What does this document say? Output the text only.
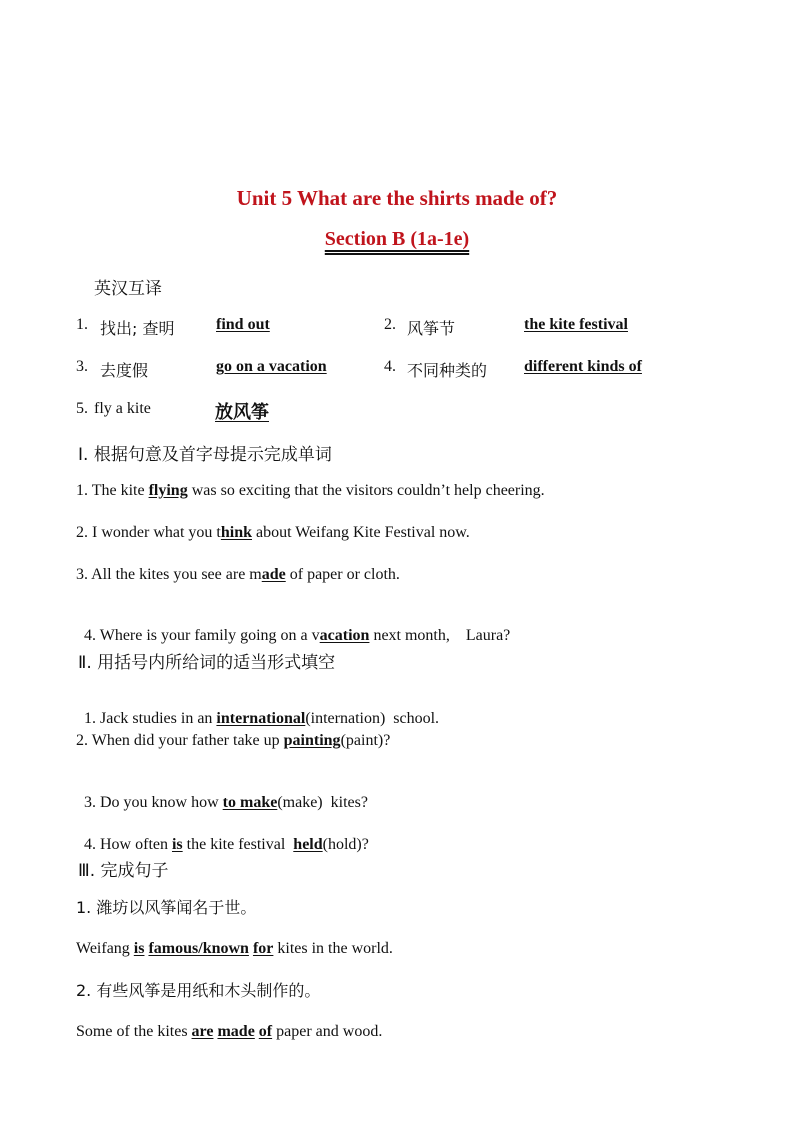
Unit 5 What are the shirts made of?
Section B (1a-1e)
英汉互译
1. 找出; 查明	find out	2. 风筝节	the kite festival
3. 去度假	go on a vacation	4. 不同种类的 different kinds of
5. fly a kite	放风筝
Ⅰ. 根据句意及首字母提示完成单词
1. The kite flying was so exciting that the visitors couldn’t help cheering.
2. I wonder what you think about Weifang Kite Festival now.
3. All the kites you see are made of paper or cloth.

4. Where is your family going on a vacation next month,    Laura?

Ⅱ. 用括号内所给词的适当形式填空

1. Jack studies in an international(internation)  school.

2. When did your father take up painting(paint)?

3. Do you know how to make(make)  kites?

4. How often is the kite festival  held(hold)?

Ⅲ. 完成句子
1. 潍坊以风筝闻名于世。
Weifang is famous/known for kites in the world.
2. 有些风筝是用纸和木头制作的。
Some of the kites are made of paper and wood.
